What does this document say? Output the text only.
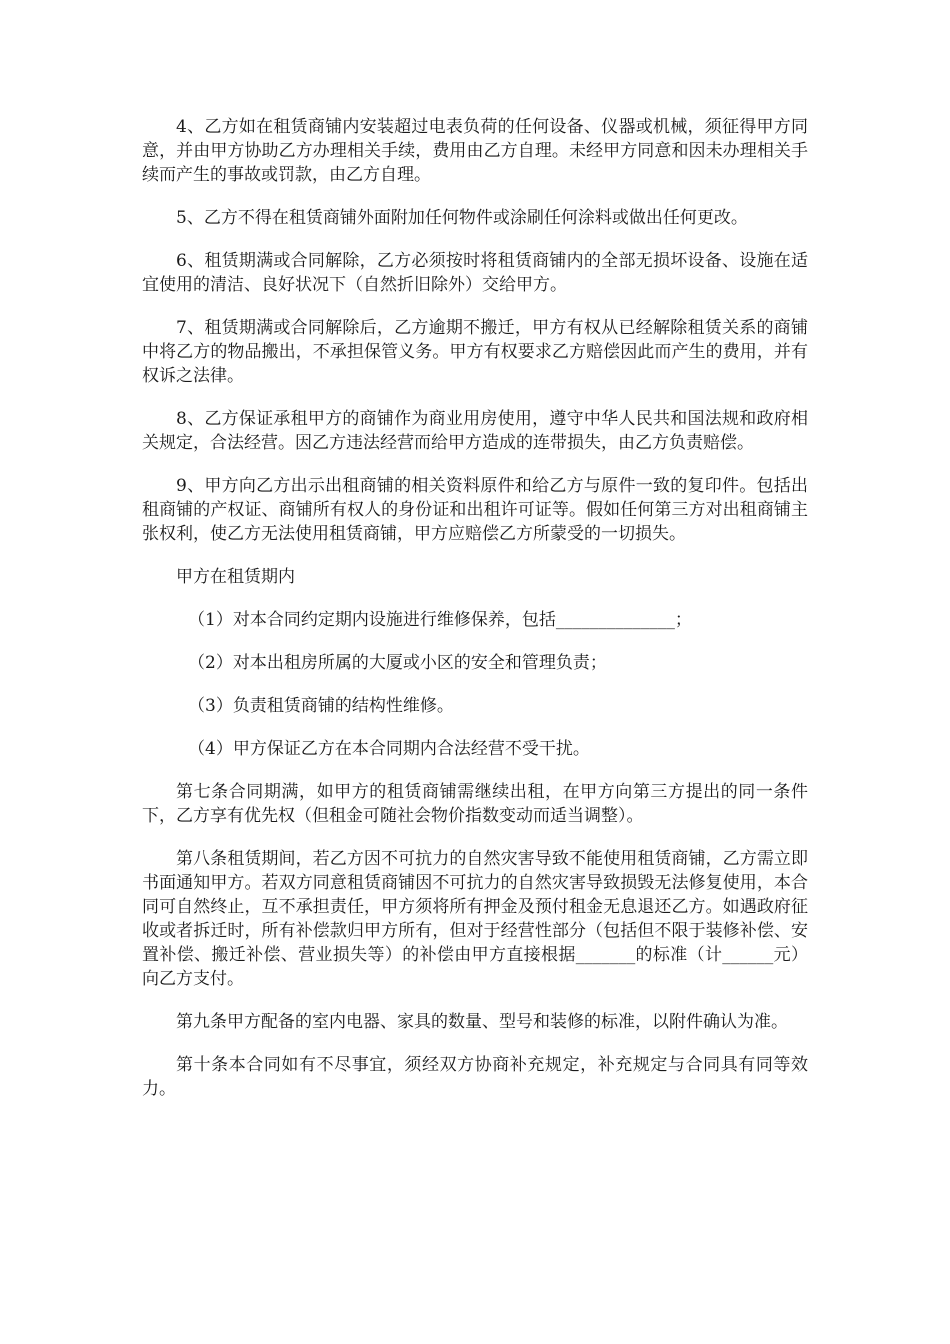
4、乙方如在租赁商铺内安装超过电表负荷的任何设备、仪器或机械，须征得甲方同意，并由甲方协助乙方办理相关手续，费用由乙方自理。未经甲方同意和因未办理相关手续而产生的事故或罚款，由乙方自理。

5、乙方不得在租赁商铺外面附加任何物件或涂刷任何涂料或做出任何更改。

6、租赁期满或合同解除，乙方必须按时将租赁商铺内的全部无损坏设备、设施在适宜使用的清洁、良好状况下（自然折旧除外）交给甲方。

7、租赁期满或合同解除后，乙方逾期不搬迁，甲方有权从已经解除租赁关系的商铺中将乙方的物品搬出，不承担保管义务。甲方有权要求乙方赔偿因此而产生的费用，并有权诉之法律。

8、乙方保证承租甲方的商铺作为商业用房使用，遵守中华人民共和国法规和政府相关规定，合法经营。因乙方违法经营而给甲方造成的连带损失，由乙方负责赔偿。

9、甲方向乙方出示出租商铺的相关资料原件和给乙方与原件一致的复印件。包括出租商铺的产权证、商铺所有权人的身份证和出租许可证等。假如任何第三方对出租商铺主张权利，使乙方无法使用租赁商铺，甲方应赔偿乙方所蒙受的一切损失。

甲方在租赁期内

（1）对本合同约定期内设施进行维修保养，包括______________；

（2）对本出租房所属的大厦或小区的安全和管理负责；

（3）负责租赁商铺的结构性维修。

（4）甲方保证乙方在本合同期内合法经营不受干扰。

第七条合同期满，如甲方的租赁商铺需继续出租，在甲方向第三方提出的同一条件下，乙方享有优先权（但租金可随社会物价指数变动而适当调整）。

第八条租赁期间，若乙方因不可抗力的自然灾害导致不能使用租赁商铺，乙方需立即书面通知甲方。若双方同意租赁商铺因不可抗力的自然灾害导致损毁无法修复使用，本合同可自然终止，互不承担责任，甲方须将所有押金及预付租金无息退还乙方。如遇政府征收或者拆迁时，所有补偿款归甲方所有，但对于经营性部分（包括但不限于装修补偿、安置补偿、搬迁补偿、营业损失等）的补偿由甲方直接根据_______的标准（计______元）向乙方支付。

第九条甲方配备的室内电器、家具的数量、型号和装修的标准，以附件确认为准。

第十条本合同如有不尽事宜，须经双方协商补充规定，补充规定与合同具有同等效力。
